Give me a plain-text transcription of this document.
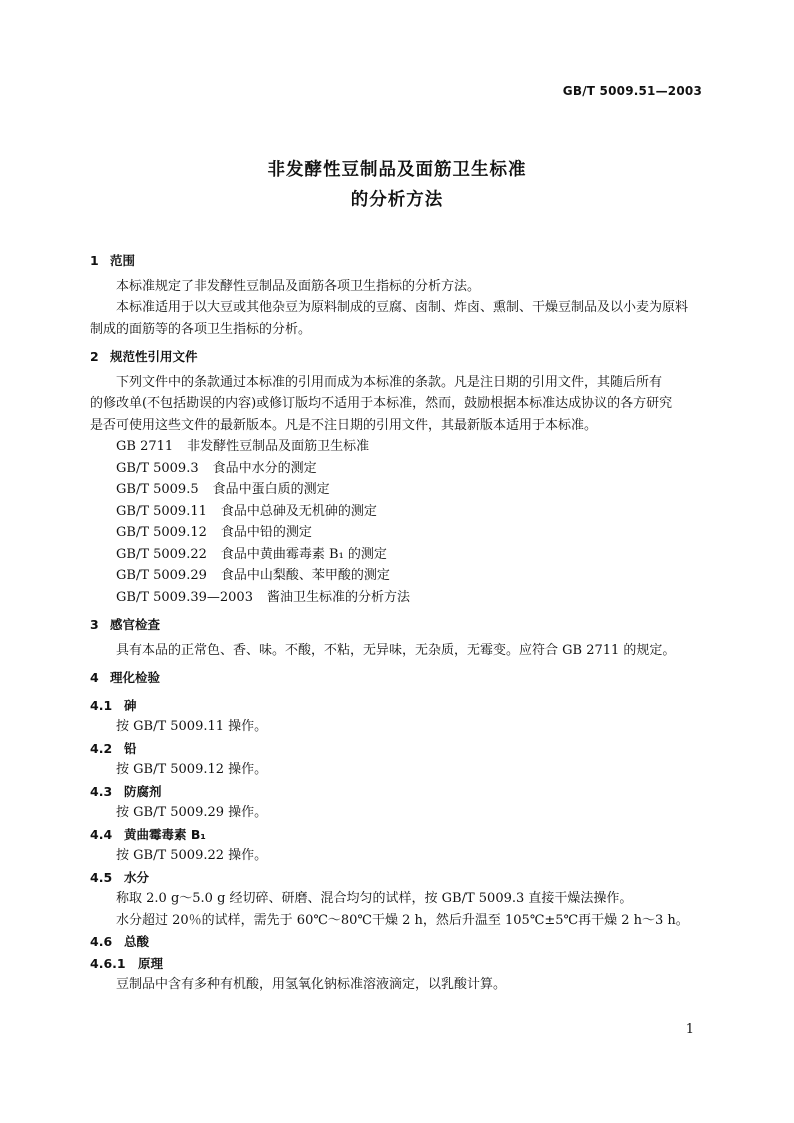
GB/T 5009.51—2003
非发酵性豆制品及面筋卫生标准
的分析方法
1 范围
本标准规定了非发酵性豆制品及面筋各项卫生指标的分析方法。
本标准适用于以大豆或其他杂豆为原料制成的豆腐、卤制、炸卤、熏制、干燥豆制品及以小麦为原料
制成的面筋等的各项卫生指标的分析。
2 规范性引用文件
下列文件中的条款通过本标准的引用而成为本标准的条款。凡是注日期的引用文件，其随后所有
的修改单(不包括勘误的内容)或修订版均不适用于本标准，然而，鼓励根据本标准达成协议的各方研究
是否可使用这些文件的最新版本。凡是不注日期的引用文件，其最新版本适用于本标准。
GB 2711 非发酵性豆制品及面筋卫生标准
GB/T 5009.3 食品中水分的测定
GB/T 5009.5 食品中蛋白质的测定
GB/T 5009.11 食品中总砷及无机砷的测定
GB/T 5009.12 食品中铅的测定
GB/T 5009.22 食品中黄曲霉毒素 B₁ 的测定
GB/T 5009.29 食品中山梨酸、苯甲酸的测定
GB/T 5009.39—2003 酱油卫生标准的分析方法
3 感官检查
具有本品的正常色、香、味。不酸，不粘，无异味，无杂质，无霉变。应符合 GB 2711 的规定。
4 理化检验
4.1 砷
按 GB/T 5009.11 操作。
4.2 铅
按 GB/T 5009.12 操作。
4.3 防腐剂
按 GB/T 5009.29 操作。
4.4 黄曲霉毒素 B₁
按 GB/T 5009.22 操作。
4.5 水分
称取 2.0 g～5.0 g 经切碎、研磨、混合均匀的试样，按 GB/T 5009.3 直接干燥法操作。
水分超过 20％的试样，需先于 60℃～80℃干燥 2 h，然后升温至 105℃±5℃再干燥 2 h～3 h。
4.6 总酸
4.6.1 原理
豆制品中含有多种有机酸，用氢氧化钠标准溶液滴定，以乳酸计算。
1
